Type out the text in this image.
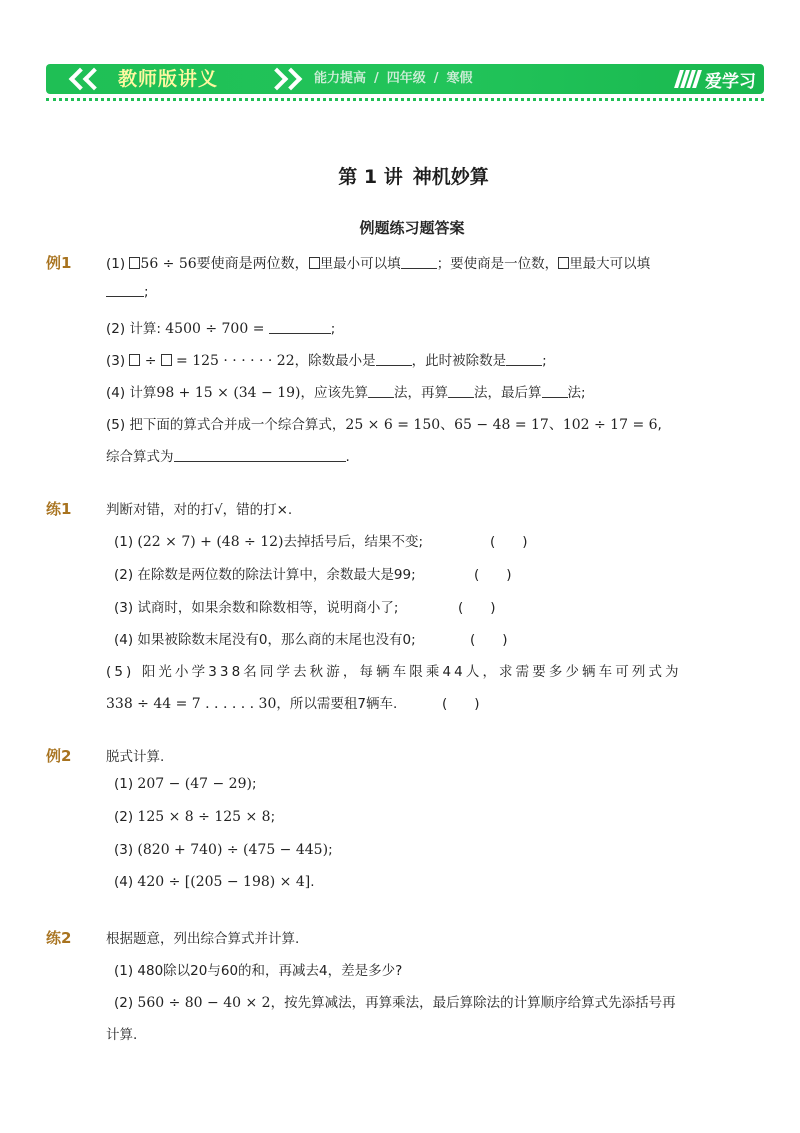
教师版讲义	能力提高 / 四年级 / 寒假	爱学习
第 1 讲 神机妙算
例题练习题答案
例1	(1) 56 ÷ 56要使商是两位数， 里最小可以填	；要使商是一位数， 里最大可以填
;
(2) 计算: 4500 ÷ 700 =	;
(3) ÷ = 125 · · · · · · 22，除数最小是	，此时被除数是	;
(4) 计算98 + 15 × (34 − 19)，应该先算 法，再算 法，最后算 法;
(5) 把下面的算式合并成一个综合算式，25 × 6 = 150、65 − 48 = 17、102 ÷ 17 = 6,
综合算式为	.
练1	判断对错，对的打√，错的打×.
(1) (22 × 7) + (48 ÷ 12)去掉括号后，结果不变;	(　　)
(2) 在除数是两位数的除法计算中，余数最大是99;	(　　)
(3) 试商时，如果余数和除数相等，说明商小了;	(　　)
(4) 如果被除数末尾没有0，那么商的末尾也没有0;	(　　)
(5) 阳光小学338名同学去秋游，每辆车限乘44人，求需要多少辆车可列式为
338 ÷ 44 = 7 . . . . . . 30，所以需要租7辆车.	(　　)
例2	脱式计算.
(1) 207 − (47 − 29);
(2) 125 × 8 ÷ 125 × 8;
(3) (820 + 740) ÷ (475 − 445);
(4) 420 ÷ [(205 − 198) × 4].
练2	根据题意，列出综合算式并计算.
(1) 480除以20与60的和，再减去4，差是多少?
(2) 560 ÷ 80 − 40 × 2，按先算减法，再算乘法，最后算除法的计算顺序给算式先添括号再
计算.
